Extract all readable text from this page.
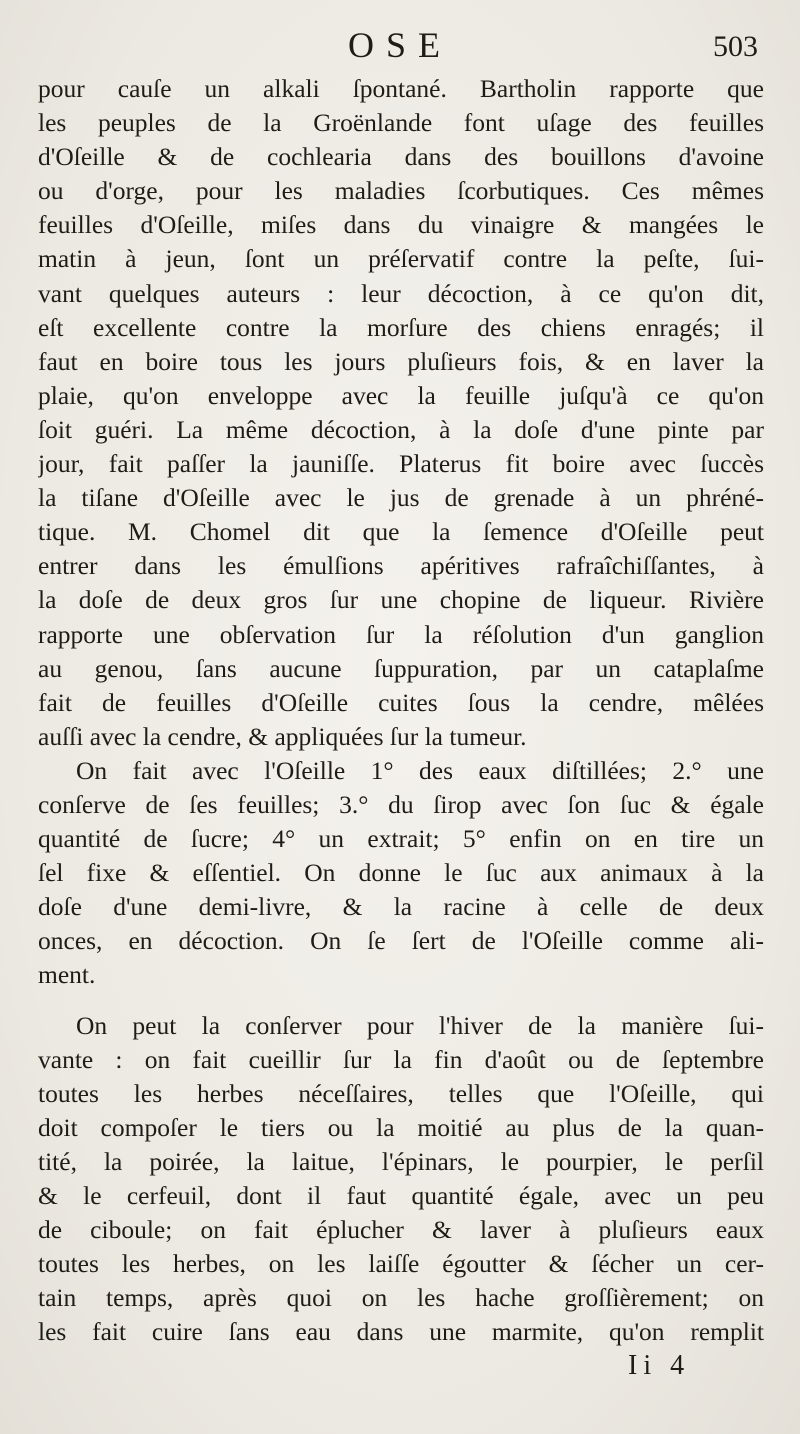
OSE	503
pour cauſe un alkali ſpontané. Bartholin rapporte que
les peuples de la Groënlande font uſage des feuilles
d'Oſeille & de cochlearia dans des bouillons d'avoine
ou d'orge, pour les maladies ſcorbutiques. Ces mêmes
feuilles d'Oſeille, miſes dans du vinaigre & mangées le
matin à jeun, ſont un préſervatif contre la peſte, ſui-
vant quelques auteurs : leur décoction, à ce qu'on dit,
eſt excellente contre la morſure des chiens enragés; il
faut en boire tous les jours pluſieurs fois, & en laver la
plaie, qu'on enveloppe avec la feuille juſqu'à ce qu'on
ſoit guéri. La même décoction, à la doſe d'une pinte par
jour, fait paſſer la jauniſſe. Platerus fit boire avec ſuccès
la tiſane d'Oſeille avec le jus de grenade à un phréné-
tique. M. Chomel dit que la ſemence d'Oſeille peut
entrer dans les émulſions apéritives rafraîchiſſantes, à
la doſe de deux gros ſur une chopine de liqueur. Rivière
rapporte une obſervation ſur la réſolution d'un ganglion
au genou, ſans aucune ſuppuration, par un cataplaſme
fait de feuilles d'Oſeille cuites ſous la cendre, mêlées
auſſi avec la cendre, & appliquées ſur la tumeur.
On fait avec l'Oſeille 1° des eaux diſtillées; 2.° une
conſerve de ſes feuilles; 3.° du ſirop avec ſon ſuc & égale
quantité de ſucre; 4° un extrait; 5° enfin on en tire un
ſel fixe & eſſentiel. On donne le ſuc aux animaux à la
doſe d'une demi-livre, & la racine à celle de deux
onces, en décoction. On ſe ſert de l'Oſeille comme ali-
ment.
On peut la conſerver pour l'hiver de la manière ſui-
vante : on fait cueillir ſur la fin d'août ou de ſeptembre
toutes les herbes néceſſaires, telles que l'Oſeille, qui
doit compoſer le tiers ou la moitié au plus de la quan-
tité, la poirée, la laitue, l'épinars, le pourpier, le perſil
& le cerfeuil, dont il faut quantité égale, avec un peu
de ciboule; on fait éplucher & laver à pluſieurs eaux
toutes les herbes, on les laiſſe égoutter & ſécher un cer-
tain temps, après quoi on les hache groſſièrement; on
les fait cuire ſans eau dans une marmite, qu'on remplit
Ii 4
